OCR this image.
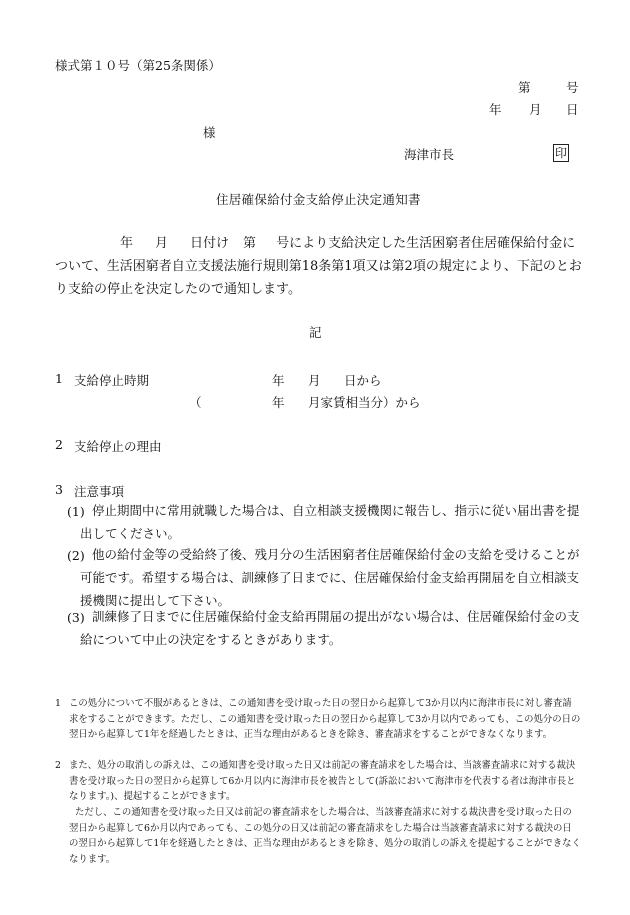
様式第１０号（第25条関係）
第	号
年 月 日
様
海津市長	印
住居確保給付金支給停止決定通知書
年 月 日付け 第 号により支給決定した生活困窮者住居確保給付金について、生活困窮者自立支援法施行規則第18条第1項又は第2項の規定により、下記のとおり支給の停止を決定したので通知します。
記
1 支給停止時期	年 月 日から
（	年 月家賃相当分）から
2 支給停止の理由
3 注意事項
(1) 停止期間中に常用就職した場合は、自立相談支援機関に報告し、指示に従い届出書を提出してください。
(2) 他の給付金等の受給終了後、残月分の生活困窮者住居確保給付金の支給を受けることが可能です。希望する場合は、訓練修了日までに、住居確保給付金支給再開届を自立相談支援機関に提出して下さい。
(3) 訓練修了日までに住居確保給付金支給再開届の提出がない場合は、住居確保給付金の支給について中止の決定をするときがあります。
1 この処分について不服があるときは、この通知書を受け取った日の翌日から起算して3か月以内に海津市長に対し審査請求をすることができます。ただし、この通知書を受け取った日の翌日から起算して3か月以内であっても、この処分の日の翌日から起算して1年を経過したときは、正当な理由があるときを除き、審査請求をすることができなくなります。
2 また、処分の取消しの訴えは、この通知書を受け取った日又は前記の審査請求をした場合は、当該審査請求に対する裁決書を受け取った日の翌日から起算して6か月以内に海津市長を被告として(訴訟において海津市を代表する者は海津市長となります。)、提起することができます。
ただし、この通知書を受け取った日又は前記の審査請求をした場合は、当該審査請求に対する裁決書を受け取った日の翌日から起算して6か月以内であっても、この処分の日又は前記の審査請求をした場合は当該審査請求に対する裁決の日の翌日から起算して1年を経過したときは、正当な理由があるときを除き、処分の取消しの訴えを提起することができなくなります。
